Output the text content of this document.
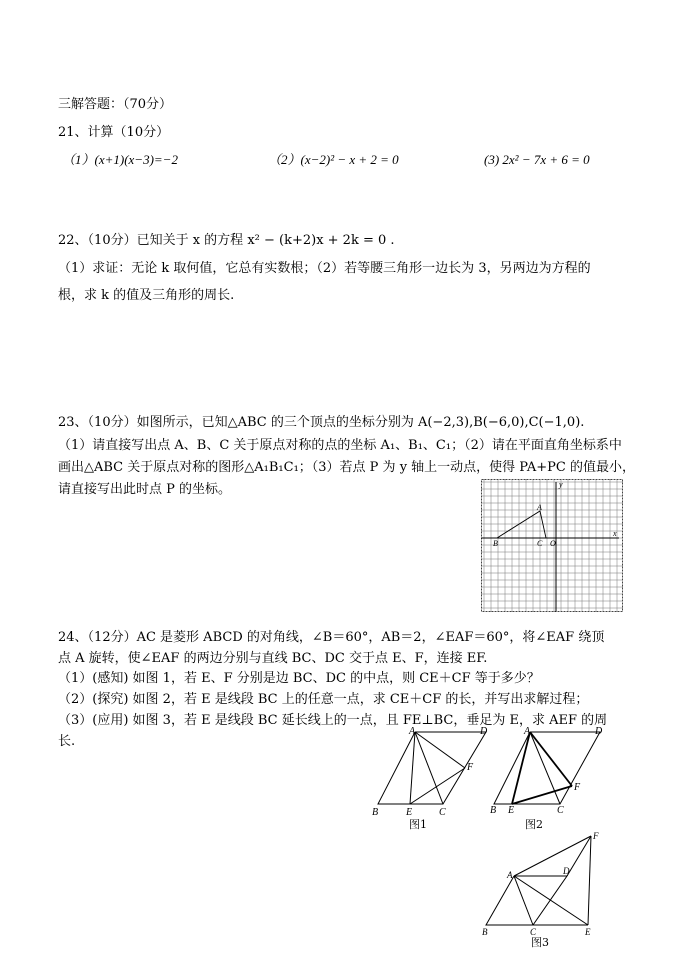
三解答题：（70分）
21、计算（10分）
（1）(x+1)(x−3)=−2	（2）(x−2)² − x + 2 = 0	(3) 2x² − 7x + 6 = 0
22、（10分）已知关于 x 的方程 x² − (k+2)x + 2k = 0 .
（1）求证：无论 k 取何值，它总有实数根；（2）若等腰三角形一边长为 3，另两边为方程的
根，求 k 的值及三角形的周长.
23、（10分）如图所示，已知△ABC 的三个顶点的坐标分别为 A(−2,3),B(−6,0),C(−1,0).
（1）请直接写出点 A、B、C 关于原点对称的点的坐标 A₁、B₁、C₁；（2）请在平面直角坐标系中
画出△ABC 关于原点对称的图形△A₁B₁C₁；（3）若点 P 为 y 轴上一动点，使得 PA+PC 的值最小，
请直接写出此时点 P 的坐标。
A
B	C O
x
y
24、（12分）AC 是菱形 ABCD 的对角线，∠B＝60°，AB＝2，∠EAF＝60°，将∠EAF 绕顶
点 A 旋转，使∠EAF 的两边分别与直线 BC、DC 交于点 E、F，连接 EF.
（1）(感知) 如图 1，若 E、F 分别是边 BC、DC 的中点，则 CE＋CF 等于多少？
（2）(探究) 如图 2，若 E 是线段 BC 上的任意一点，求 CE＋CF 的长，并写出求解过程；
（3）(应用) 如图 3，若 E 是线段 BC 延长线上的一点，且 FE⊥BC，垂足为 E，求 AEF 的周
长.
A	D
F
B	E	C
图1
A	D
F
B E	C
图2
A	D
F
B	C	E
图3
